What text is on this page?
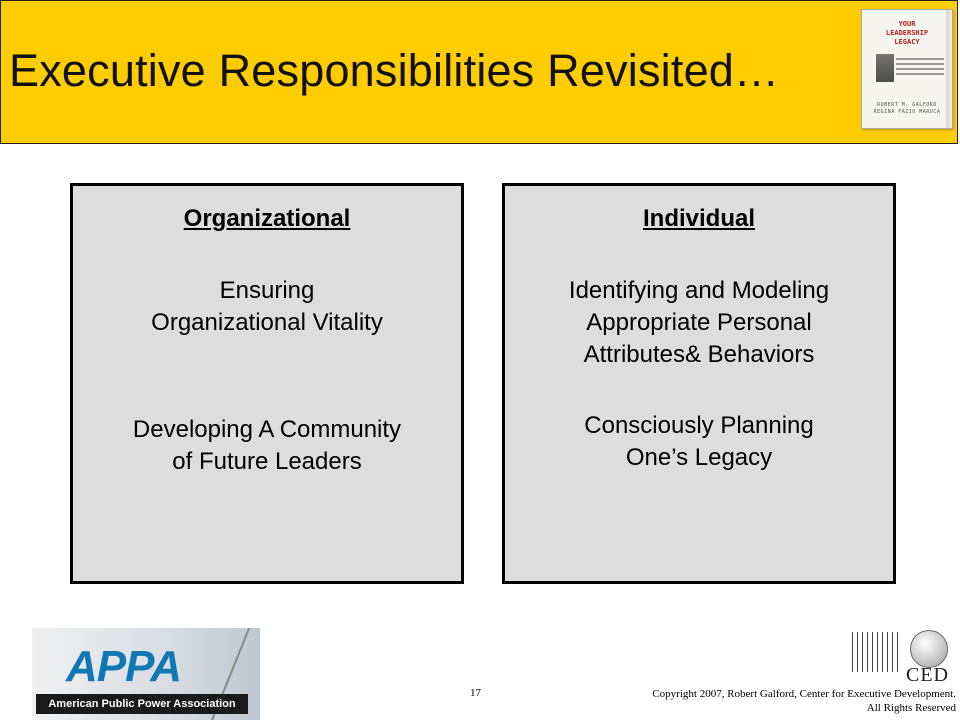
Executive Responsibilities Revisited…
YOUR
LEADERSHIP
LEGACY
ROBERT M. GALFORD
REGINA FAZIO MARUCA
Organizational

Ensuring
Organizational Vitality

Developing A Community
of Future Leaders

Individual

Identifying and Modeling
Appropriate Personal
Attributes& Behaviors

Consciously Planning
One’s Legacy

APPA
American Public Power Association
17
CED
Copyright 2007, Robert Galford, Center for Executive Development.
All Rights Reserved
